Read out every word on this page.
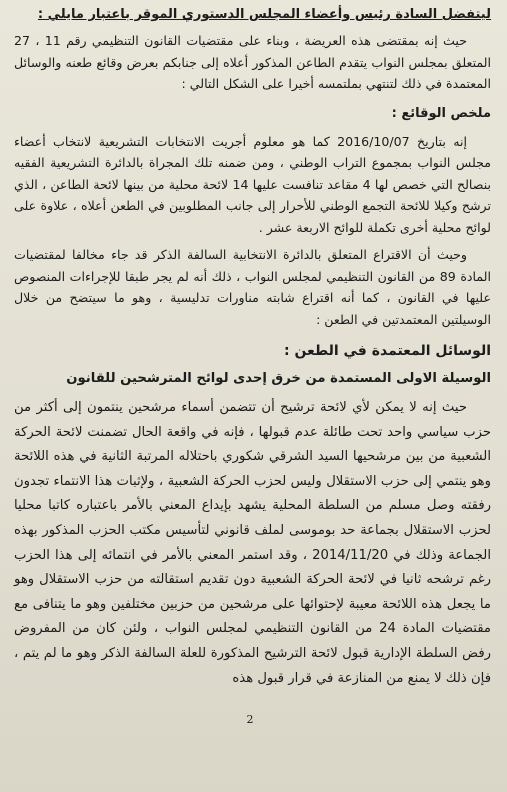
ليتفضل السادة رئيس وأعضاء المجلس الدستوري الموقر باعتبار مايلي :

حيث إنه بمقتضى هذه العريضة ، وبناء على مقتضيات القانون التنظيمي رقم 11 ، 27 المتعلق بمجلس النواب يتقدم الطاعن المذكور أعلاه إلى جنابكم بعرض وقائع طعنه والوسائل المعتمدة في ذلك لتنتهي بملتمسه أخيرا على الشكل التالي :

ملخص الوقائع :

إنه بتاريخ 2016/10/07 كما هو معلوم أجريت الانتخابات التشريعية لانتخاب أعضاء مجلس النواب بمجموع التراب الوطني ، ومن ضمنه تلك المجراة بالدائرة التشريعية الفقيه بنصالح التي خصص لها 4 مقاعد تنافست عليها 14 لائحة محلية من بينها لائحة الطاعن ، الذي ترشح وكيلا للائحة التجمع الوطني للأحرار إلى جانب المطلوبين في الطعن أعلاه ، علاوة على لوائح محلية أخرى تكملة للوائح الاربعة عشر .

وحيث أن الاقتراع المتعلق بالدائرة الانتخابية السالفة الذكر قد جاء مخالفا لمقتضيات المادة 89 من القانون التنظيمي لمجلس النواب ، ذلك أنه لم يجر طبقا للإجراءات المنصوص عليها في القانون ، كما أنه اقتراع شابته مناورات تدليسية ، وهو ما سيتضح من خلال الوسيلتين المعتمدتين في الطعن :

الوسائل المعتمدة في الطعن :

الوسيلة الاولى المستمدة من خرق إحدى لوائح المترشحين للقانون

حيث إنه لا يمكن لأي لائحة ترشيح أن تتضمن أسماء مرشحين ينتمون إلى أكثر من حزب سياسي واحد تحت طائلة عدم قبولها ، فإنه في واقعة الحال تضمنت لائحة الحركة الشعبية من بين مرشحيها السيد الشرقي شكوري باحتلاله المرتبة الثانية في هذه اللائحة وهو ينتمي إلى حزب الاستقلال وليس لحزب الحركة الشعبية ، ولإثبات هذا الانتماء تجدون رفقته وصل مسلم من السلطة المحلية يشهد بإيداع المعني بالأمر باعتباره كاتبا محليا لحزب الاستقلال بجماعة حد بوموسى لملف قانوني لتأسيس مكتب الحزب المذكور بهذه الجماعة وذلك في 2014/11/20 ، وقد استمر المعني بالأمر في انتمائه إلى هذا الحزب رغم ترشحه ثانيا في لائحة الحركة الشعبية دون تقديم استقالته من حزب الاستقلال وهو ما يجعل هذه اللائحة معيبة لإحتوائها على مرشحين من حزبين مختلفين وهو ما يتنافى مع مقتضيات المادة 24 من القانون التنظيمي لمجلس النواب ، ولئن كان من المفروض رفض السلطة الإدارية قبول لائحة الترشيح المذكورة للعلة السالفة الذكر وهو ما لم يتم ، فإن ذلك لا يمنع من المنازعة في قرار قبول هذه

2
